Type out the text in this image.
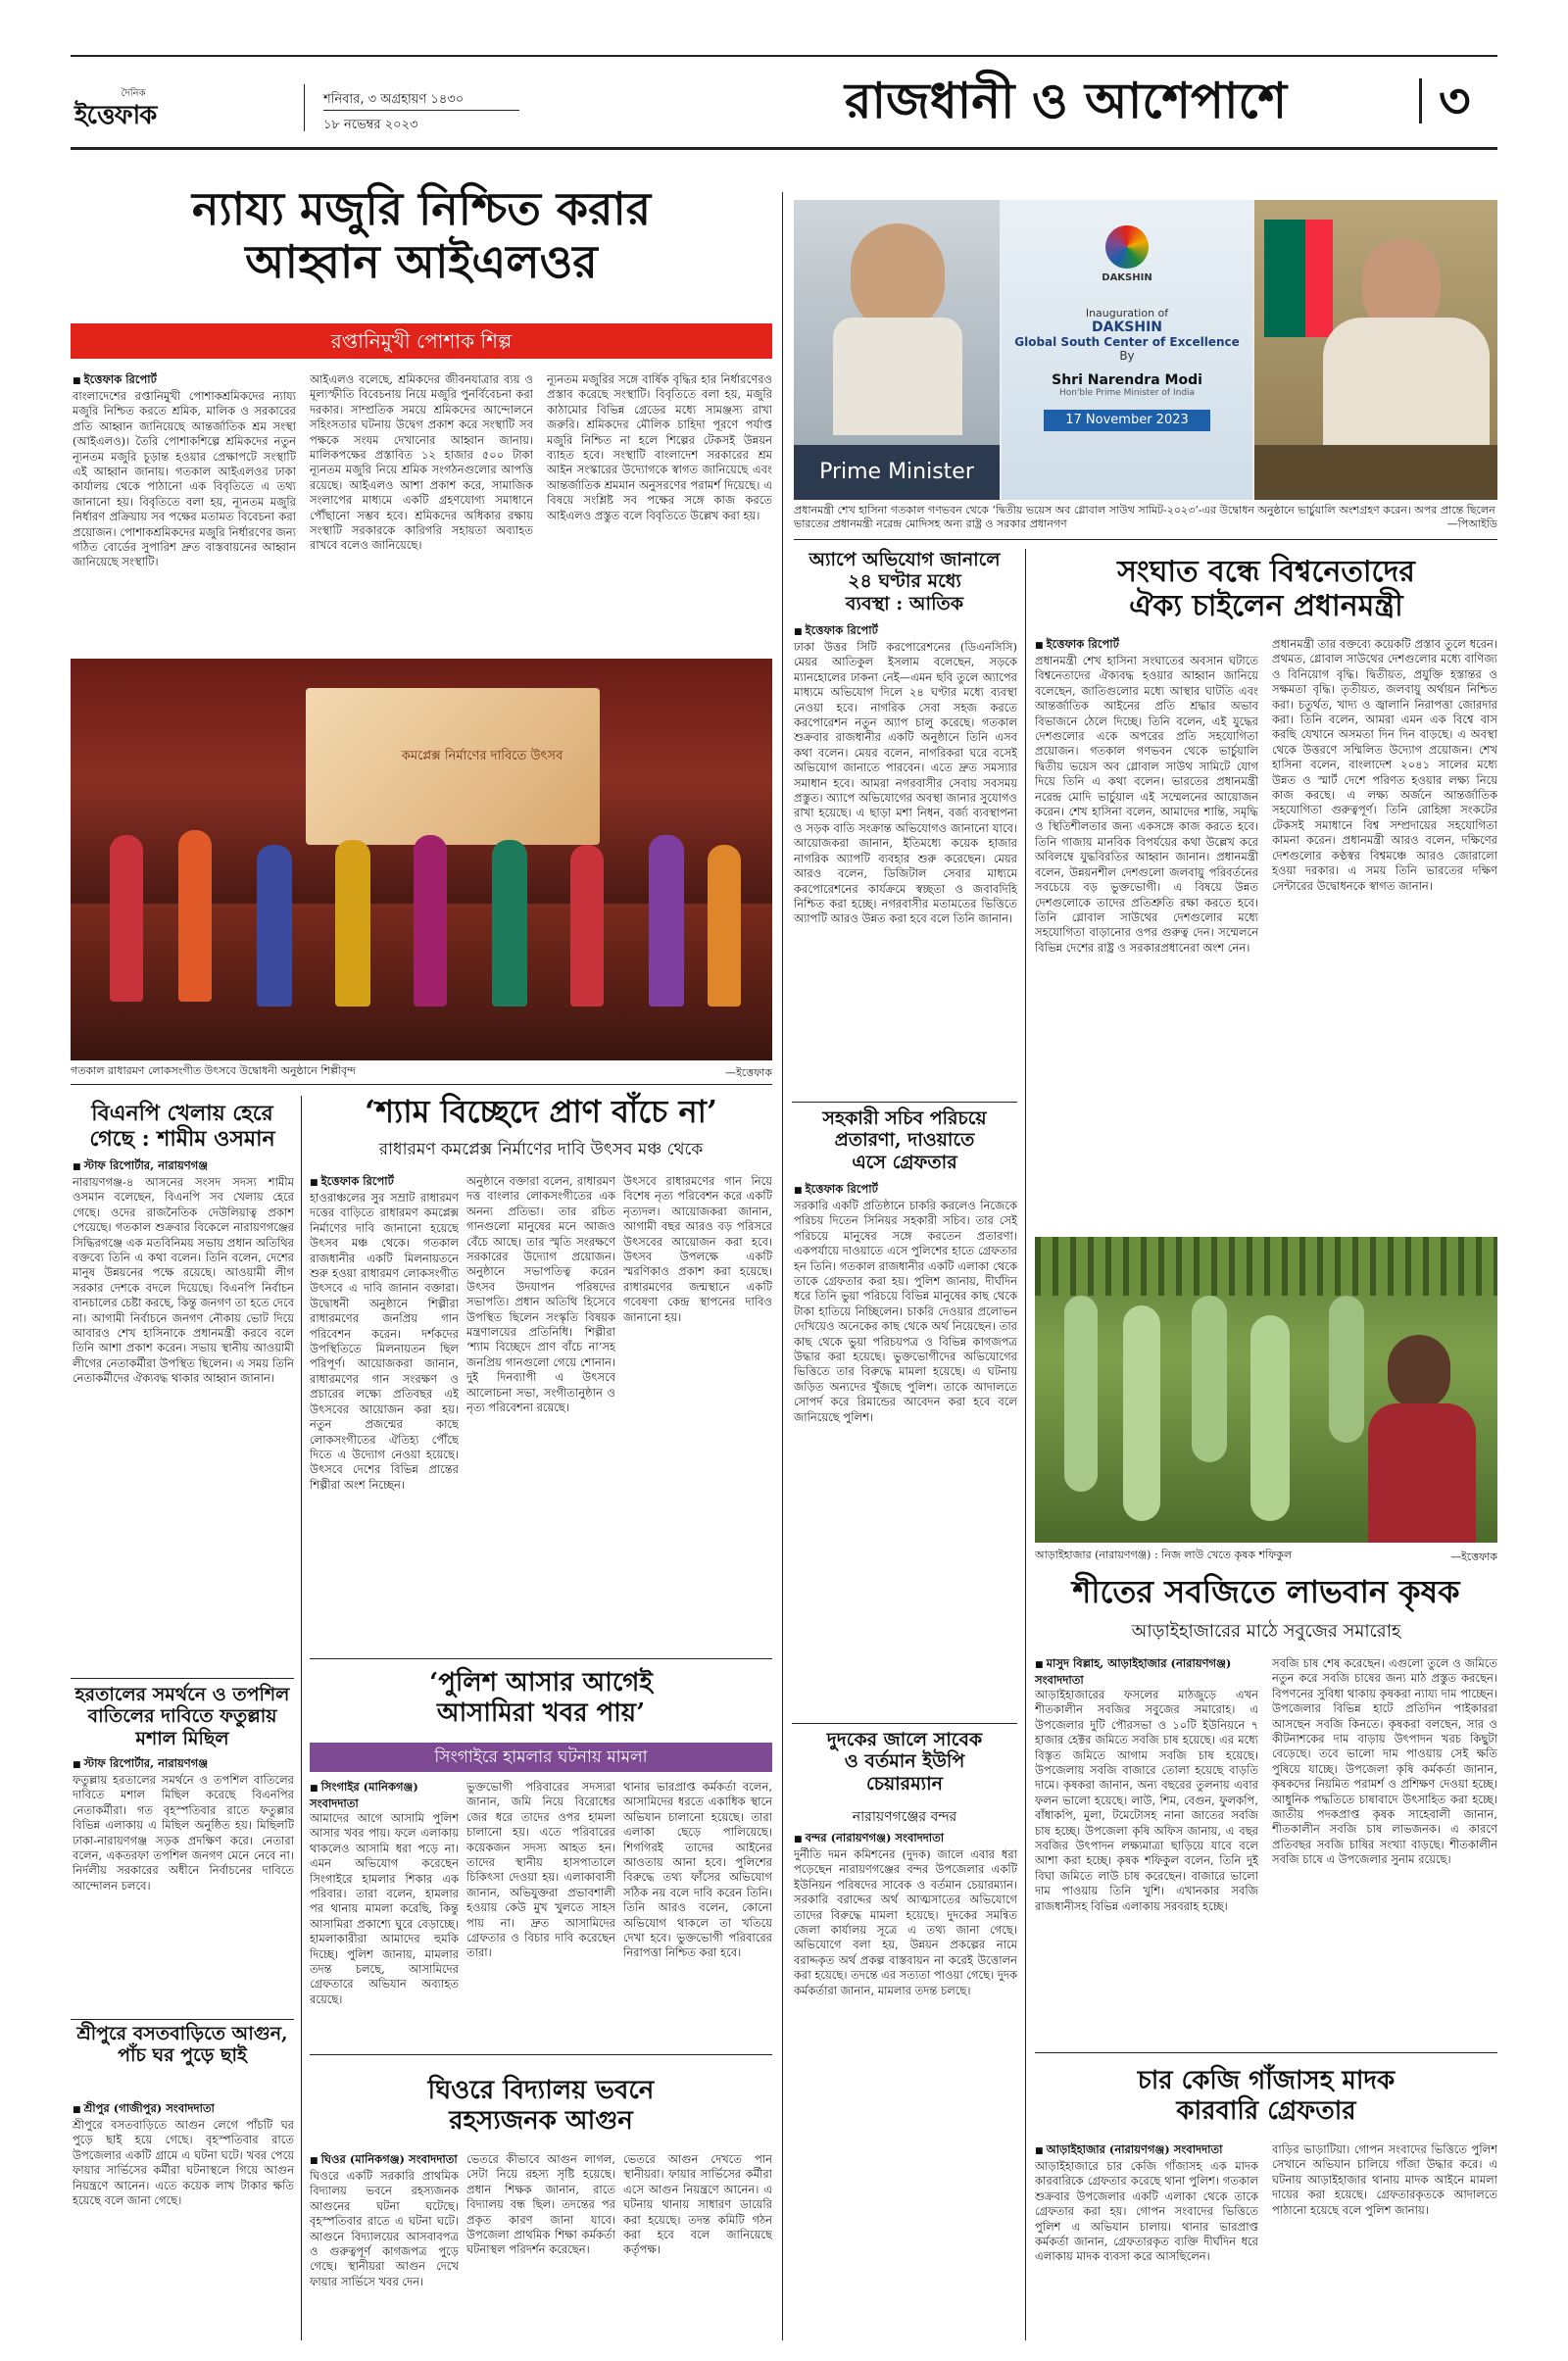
দৈনিক
ইত্তেফাক
শনিবার, ৩ অগ্রহায়ণ ১৪৩০
১৮ নভেম্বর ২০২৩	রাজধানী ও আশেপাশে	৩
ন্যায্য মজুরি নিশ্চিত করার
আহ্বান আইএলওর
রপ্তানিমুখী পোশাক শিল্প
■ ইত্তেফাক রিপোর্ট
বাংলাদেশের রপ্তানিমুখী পোশাকশ্রমিকদের ন্যায্য মজুরি নিশ্চিত করতে শ্রমিক, মালিক ও সরকারের প্রতি আহ্বান জানিয়েছে আন্তর্জাতিক শ্রম সংস্থা (আইএলও)। তৈরি পোশাকশিল্পে শ্রমিকদের নতুন ন্যূনতম মজুরি চূড়ান্ত হওয়ার প্রেক্ষাপটে সংস্থাটি এই আহ্বান জানায়। গতকাল আইএলওর ঢাকা কার্যালয় থেকে পাঠানো এক বিবৃতিতে এ তথ্য জানানো হয়। বিবৃতিতে বলা হয়, ন্যূনতম মজুরি নির্ধারণ প্রক্রিয়ায় সব পক্ষের মতামত বিবেচনা করা প্রয়োজন। পোশাকশ্রমিকদের মজুরি নির্ধারণের জন্য গঠিত বোর্ডের সুপারিশ দ্রুত বাস্তবায়নের আহ্বান জানিয়েছে সংস্থাটি।
আইএলও বলেছে, শ্রমিকদের জীবনযাত্রার ব্যয় ও মূল্যস্ফীতি বিবেচনায় নিয়ে মজুরি পুনর্বিবেচনা করা দরকার। সাম্প্রতিক সময়ে শ্রমিকদের আন্দোলনে সহিংসতার ঘটনায় উদ্বেগ প্রকাশ করে সংস্থাটি সব পক্ষকে সংযম দেখানোর আহ্বান জানায়। মালিকপক্ষের প্রস্তাবিত ১২ হাজার ৫০০ টাকা ন্যূনতম মজুরি নিয়ে শ্রমিক সংগঠনগুলোর আপত্তি রয়েছে। আইএলও আশা প্রকাশ করে, সামাজিক সংলাপের মাধ্যমে একটি গ্রহণযোগ্য সমাধানে পৌঁছানো সম্ভব হবে। শ্রমিকদের অধিকার রক্ষায় সংস্থাটি সরকারকে কারিগরি সহায়তা অব্যাহত রাখবে বলেও জানিয়েছে।
ন্যূনতম মজুরির সঙ্গে বার্ষিক বৃদ্ধির হার নির্ধারণেরও প্রস্তাব করেছে সংস্থাটি। বিবৃতিতে বলা হয়, মজুরি কাঠামোর বিভিন্ন গ্রেডের মধ্যে সামঞ্জস্য রাখা জরুরি। শ্রমিকদের মৌলিক চাহিদা পূরণে পর্যাপ্ত মজুরি নিশ্চিত না হলে শিল্পের টেকসই উন্নয়ন ব্যাহত হবে। সংস্থাটি বাংলাদেশ সরকারের শ্রম আইন সংস্কারের উদ্যোগকে স্বাগত জানিয়েছে এবং আন্তর্জাতিক শ্রমমান অনুসরণের পরামর্শ দিয়েছে। এ বিষয়ে সংশ্লিষ্ট সব পক্ষের সঙ্গে কাজ করতে আইএলও প্রস্তুত বলে বিবৃতিতে উল্লেখ করা হয়।
কমপ্লেক্স নির্মাণের দাবিতে উৎসব
গতকাল রাধারমণ লোকসংগীত উৎসবে উদ্বোধনী অনুষ্ঠানে শিল্পীবৃন্দ	—ইত্তেফাক
বিএনপি খেলায় হেরে গেছে : শামীম ওসমান
■ স্টাফ রিপোর্টার, নারায়ণগঞ্জ
নারায়ণগঞ্জ-৪ আসনের সংসদ সদস্য শামীম ওসমান বলেছেন, বিএনপি সব খেলায় হেরে গেছে। ওদের রাজনৈতিক দেউলিয়াত্ব প্রকাশ পেয়েছে। গতকাল শুক্রবার বিকেলে নারায়ণগঞ্জের সিদ্ধিরগঞ্জে এক মতবিনিময় সভায় প্রধান অতিথির বক্তব্যে তিনি এ কথা বলেন। তিনি বলেন, দেশের মানুষ উন্নয়নের পক্ষে রয়েছে। আওয়ামী লীগ সরকার দেশকে বদলে দিয়েছে। বিএনপি নির্বাচন বানচালের চেষ্টা করছে, কিন্তু জনগণ তা হতে দেবে না। আগামী নির্বাচনে জনগণ নৌকায় ভোট দিয়ে আবারও শেখ হাসিনাকে প্রধানমন্ত্রী করবে বলে তিনি আশা প্রকাশ করেন। সভায় স্থানীয় আওয়ামী লীগের নেতাকর্মীরা উপস্থিত ছিলেন। এ সময় তিনি নেতাকর্মীদের ঐক্যবদ্ধ থাকার আহ্বান জানান।
হরতালের সমর্থনে ও তপশিল বাতিলের দাবিতে ফতুল্লায় মশাল মিছিল
■ স্টাফ রিপোর্টার, নারায়ণগঞ্জ
ফতুল্লায় হরতালের সমর্থনে ও তপশিল বাতিলের দাবিতে মশাল মিছিল করেছে বিএনপির নেতাকর্মীরা। গত বৃহস্পতিবার রাতে ফতুল্লার বিভিন্ন এলাকায় এ মিছিল অনুষ্ঠিত হয়। মিছিলটি ঢাকা-নারায়ণগঞ্জ সড়ক প্রদক্ষিণ করে। নেতারা বলেন, একতরফা তপশিল জনগণ মেনে নেবে না। নির্দলীয় সরকারের অধীনে নির্বাচনের দাবিতে আন্দোলন চলবে।
শ্রীপুরে বসতবাড়িতে আগুন, পাঁচ ঘর পুড়ে ছাই
■ শ্রীপুর (গাজীপুর) সংবাদদাতা
শ্রীপুরে বসতবাড়িতে আগুন লেগে পাঁচটি ঘর পুড়ে ছাই হয়ে গেছে। বৃহস্পতিবার রাতে উপজেলার একটি গ্রামে এ ঘটনা ঘটে। খবর পেয়ে ফায়ার সার্ভিসের কর্মীরা ঘটনাস্থলে গিয়ে আগুন নিয়ন্ত্রণে আনেন। এতে কয়েক লাখ টাকার ক্ষতি হয়েছে বলে জানা গেছে।
‘শ্যাম বিচ্ছেদে প্রাণ বাঁচে না’
রাধারমণ কমপ্লেক্স নির্মাণের দাবি উৎসব মঞ্চ থেকে
■ ইত্তেফাক রিপোর্ট
হাওরাঞ্চলের সুর সম্রাট রাধারমণ দত্তের বাড়িতে রাধারমণ কমপ্লেক্স নির্মাণের দাবি জানানো হয়েছে উৎসব মঞ্চ থেকে। গতকাল রাজধানীর একটি মিলনায়তনে শুরু হওয়া রাধারমণ লোকসংগীত উৎসবে এ দাবি জানান বক্তারা। উদ্বোধনী অনুষ্ঠানে শিল্পীরা রাধারমণের জনপ্রিয় গান পরিবেশন করেন। দর্শকদের উপস্থিতিতে মিলনায়তন ছিল পরিপূর্ণ। আয়োজকরা জানান, রাধারমণের গান সংরক্ষণ ও প্রচারের লক্ষ্যে প্রতিবছর এই উৎসবের আয়োজন করা হয়। নতুন প্রজন্মের কাছে লোকসংগীতের ঐতিহ্য পৌঁছে দিতে এ উদ্যোগ নেওয়া হয়েছে। উৎসবে দেশের বিভিন্ন প্রান্তের শিল্পীরা অংশ নিচ্ছেন।
অনুষ্ঠানে বক্তারা বলেন, রাধারমণ দত্ত বাংলার লোকসংগীতের এক অনন্য প্রতিভা। তার রচিত গানগুলো মানুষের মনে আজও বেঁচে আছে। তার স্মৃতি সংরক্ষণে সরকারের উদ্যোগ প্রয়োজন। অনুষ্ঠানে সভাপতিত্ব করেন উৎসব উদযাপন পরিষদের সভাপতি। প্রধান অতিথি হিসেবে উপস্থিত ছিলেন সংস্কৃতি বিষয়ক মন্ত্রণালয়ের প্রতিনিধি। শিল্পীরা ‘শ্যাম বিচ্ছেদে প্রাণ বাঁচে না’সহ জনপ্রিয় গানগুলো গেয়ে শোনান। দুই দিনব্যাপী এ উৎসবে আলোচনা সভা, সংগীতানুষ্ঠান ও নৃত্য পরিবেশনা রয়েছে।
উৎসবে রাধারমণের গান নিয়ে বিশেষ নৃত্য পরিবেশন করে একটি নৃত্যদল। আয়োজকরা জানান, আগামী বছর আরও বড় পরিসরে উৎসবের আয়োজন করা হবে। উৎসব উপলক্ষে একটি স্মরণিকাও প্রকাশ করা হয়েছে। রাধারমণের জন্মস্থানে একটি গবেষণা কেন্দ্র স্থাপনের দাবিও জানানো হয়।
‘পুলিশ আসার আগেই
আসামিরা খবর পায়’
সিংগাইরে হামলার ঘটনায় মামলা
■ সিংগাইর (মানিকগঞ্জ) সংবাদদাতা
আমাদের আগে আসামি পুলিশ আসার খবর পায়। ফলে এলাকায় থাকলেও আসামি ধরা পড়ে না। এমন অভিযোগ করেছেন সিংগাইরে হামলার শিকার এক পরিবার। তারা বলেন, হামলার পর থানায় মামলা করেছি, কিন্তু আসামিরা প্রকাশ্যে ঘুরে বেড়াচ্ছে। হামলাকারীরা আমাদের হুমকি দিচ্ছে। পুলিশ জানায়, মামলার তদন্ত চলছে, আসামিদের গ্রেফতারে অভিযান অব্যাহত রয়েছে।
ভুক্তভোগী পরিবারের সদস্যরা জানান, জমি নিয়ে বিরোধের জের ধরে তাদের ওপর হামলা চালানো হয়। এতে পরিবারের কয়েকজন সদস্য আহত হন। তাদের স্থানীয় হাসপাতালে চিকিৎসা দেওয়া হয়। এলাকাবাসী জানান, অভিযুক্তরা প্রভাবশালী হওয়ায় কেউ মুখ খুলতে সাহস পায় না। দ্রুত আসামিদের গ্রেফতার ও বিচার দাবি করেছেন তারা।
থানার ভারপ্রাপ্ত কর্মকর্তা বলেন, আসামিদের ধরতে একাধিক স্থানে অভিযান চালানো হয়েছে। তারা এলাকা ছেড়ে পালিয়েছে। শিগগিরই তাদের আইনের আওতায় আনা হবে। পুলিশের বিরুদ্ধে তথ্য ফাঁসের অভিযোগ সঠিক নয় বলে দাবি করেন তিনি। তিনি আরও বলেন, কোনো অভিযোগ থাকলে তা খতিয়ে দেখা হবে। ভুক্তভোগী পরিবারের নিরাপত্তা নিশ্চিত করা হবে।
ঘিওরে বিদ্যালয় ভবনে
রহস্যজনক আগুন
■ ঘিওর (মানিকগঞ্জ) সংবাদদাতা
ঘিওরে একটি সরকারি প্রাথমিক বিদ্যালয় ভবনে রহস্যজনক আগুনের ঘটনা ঘটেছে। বৃহস্পতিবার রাতে এ ঘটনা ঘটে। আগুনে বিদ্যালয়ের আসবাবপত্র ও গুরুত্বপূর্ণ কাগজপত্র পুড়ে গেছে। স্থানীয়রা আগুন দেখে ফায়ার সার্ভিসে খবর দেন।
ভেতরে কীভাবে আগুন লাগল, সেটা নিয়ে রহস্য সৃষ্টি হয়েছে। প্রধান শিক্ষক জানান, রাতে বিদ্যালয় বন্ধ ছিল। তদন্তের পর প্রকৃত কারণ জানা যাবে। উপজেলা প্রাথমিক শিক্ষা কর্মকর্তা ঘটনাস্থল পরিদর্শন করেছেন।
ভেতরে আগুন দেখতে পান স্থানীয়রা। ফায়ার সার্ভিসের কর্মীরা এসে আগুন নিয়ন্ত্রণে আনেন। এ ঘটনায় থানায় সাধারণ ডায়েরি করা হয়েছে। তদন্ত কমিটি গঠন করা হবে বলে জানিয়েছে কর্তৃপক্ষ।
Prime Minister
DAKSHIN
Inauguration of
DAKSHIN
Global South Center of Excellence
By
Shri Narendra Modi
Hon'ble Prime Minister of India
17 November 2023
প্রধানমন্ত্রী শেখ হাসিনা গতকাল গণভবন থেকে ‘দ্বিতীয় ভয়েস অব গ্লোবাল সাউথ সামিট-২০২৩’-এর উদ্বোধন অনুষ্ঠানে ভার্চুয়ালি অংশগ্রহণ করেন। অপর প্রান্তে ছিলেন ভারতের প্রধানমন্ত্রী নরেন্দ্র মোদিসহ অন্য রাষ্ট্র ও সরকার প্রধানগণ	—পিআইডি
অ্যাপে অভিযোগ জানালে
২৪ ঘণ্টার মধ্যে
ব্যবস্থা : আতিক
■ ইত্তেফাক রিপোর্ট
ঢাকা উত্তর সিটি করপোরেশনের (ডিএনসিসি) মেয়র আতিকুল ইসলাম বলেছেন, সড়কে ম্যানহোলের ঢাকনা নেই—এমন ছবি তুলে অ্যাপের মাধ্যমে অভিযোগ দিলে ২৪ ঘণ্টার মধ্যে ব্যবস্থা নেওয়া হবে। নাগরিক সেবা সহজ করতে করপোরেশন নতুন অ্যাপ চালু করেছে। গতকাল শুক্রবার রাজধানীর একটি অনুষ্ঠানে তিনি এসব কথা বলেন। মেয়র বলেন, নাগরিকরা ঘরে বসেই অভিযোগ জানাতে পারবেন। এতে দ্রুত সমস্যার সমাধান হবে। আমরা নগরবাসীর সেবায় সবসময় প্রস্তুত। অ্যাপে অভিযোগের অবস্থা জানার সুযোগও রাখা হয়েছে। এ ছাড়া মশা নিধন, বর্জ্য ব্যবস্থাপনা ও সড়ক বাতি সংক্রান্ত অভিযোগও জানানো যাবে। আয়োজকরা জানান, ইতিমধ্যে কয়েক হাজার নাগরিক অ্যাপটি ব্যবহার শুরু করেছেন। মেয়র আরও বলেন, ডিজিটাল সেবার মাধ্যমে করপোরেশনের কার্যক্রমে স্বচ্ছতা ও জবাবদিহি নিশ্চিত করা হচ্ছে। নগরবাসীর মতামতের ভিত্তিতে অ্যাপটি আরও উন্নত করা হবে বলে তিনি জানান।
সহকারী সচিব পরিচয়ে
প্রতারণা, দাওয়াতে
এসে গ্রেফতার
■ ইত্তেফাক রিপোর্ট
সরকারি একটি প্রতিষ্ঠানে চাকরি করলেও নিজেকে পরিচয় দিতেন সিনিয়র সহকারী সচিব। তার সেই পরিচয়ে মানুষের সঙ্গে করতেন প্রতারণা। একপর্যায়ে দাওয়াতে এসে পুলিশের হাতে গ্রেফতার হন তিনি। গতকাল রাজধানীর একটি এলাকা থেকে তাকে গ্রেফতার করা হয়। পুলিশ জানায়, দীর্ঘদিন ধরে তিনি ভুয়া পরিচয়ে বিভিন্ন মানুষের কাছ থেকে টাকা হাতিয়ে নিচ্ছিলেন। চাকরি দেওয়ার প্রলোভন দেখিয়েও অনেকের কাছ থেকে অর্থ নিয়েছেন। তার কাছ থেকে ভুয়া পরিচয়পত্র ও বিভিন্ন কাগজপত্র উদ্ধার করা হয়েছে। ভুক্তভোগীদের অভিযোগের ভিত্তিতে তার বিরুদ্ধে মামলা হয়েছে। এ ঘটনায় জড়িত অন্যদের খুঁজছে পুলিশ। তাকে আদালতে সোপর্দ করে রিমান্ডের আবেদন করা হবে বলে জানিয়েছে পুলিশ।
দুদকের জালে সাবেক
ও বর্তমান ইউপি
চেয়ারম্যান
নারায়ণগঞ্জের বন্দর
■ বন্দর (নারায়ণগঞ্জ) সংবাদদাতা
দুর্নীতি দমন কমিশনের (দুদক) জালে এবার ধরা পড়েছেন নারায়ণগঞ্জের বন্দর উপজেলার একটি ইউনিয়ন পরিষদের সাবেক ও বর্তমান চেয়ারম্যান। সরকারি বরাদ্দের অর্থ আত্মসাতের অভিযোগে তাদের বিরুদ্ধে মামলা হয়েছে। দুদকের সমন্বিত জেলা কার্যালয় সূত্রে এ তথ্য জানা গেছে। অভিযোগে বলা হয়, উন্নয়ন প্রকল্পের নামে বরাদ্দকৃত অর্থ প্রকল্প বাস্তবায়ন না করেই উত্তোলন করা হয়েছে। তদন্তে এর সত্যতা পাওয়া গেছে। দুদক কর্মকর্তারা জানান, মামলার তদন্ত চলছে।
সংঘাত বন্ধে বিশ্বনেতাদের
ঐক্য চাইলেন প্রধানমন্ত্রী
■ ইত্তেফাক রিপোর্ট
প্রধানমন্ত্রী শেখ হাসিনা সংঘাতের অবসান ঘটাতে বিশ্বনেতাদের ঐক্যবদ্ধ হওয়ার আহ্বান জানিয়ে বলেছেন, জাতিগুলোর মধ্যে আস্থার ঘাটতি এবং আন্তর্জাতিক আইনের প্রতি শ্রদ্ধার অভাব বিভাজনে ঠেলে দিচ্ছে। তিনি বলেন, এই যুদ্ধের দেশগুলোর একে অপরের প্রতি সহযোগিতা প্রয়োজন। গতকাল গণভবন থেকে ভার্চুয়ালি দ্বিতীয় ভয়েস অব গ্লোবাল সাউথ সামিটে যোগ দিয়ে তিনি এ কথা বলেন। ভারতের প্রধানমন্ত্রী নরেন্দ্র মোদি ভার্চুয়াল এই সম্মেলনের আয়োজন করেন। শেখ হাসিনা বলেন, আমাদের শান্তি, সমৃদ্ধি ও স্থিতিশীলতার জন্য একসঙ্গে কাজ করতে হবে। তিনি গাজায় মানবিক বিপর্যয়ের কথা উল্লেখ করে অবিলম্বে যুদ্ধবিরতির আহ্বান জানান। প্রধানমন্ত্রী বলেন, উন্নয়নশীল দেশগুলো জলবায়ু পরিবর্তনের সবচেয়ে বড় ভুক্তভোগী। এ বিষয়ে উন্নত দেশগুলোকে তাদের প্রতিশ্রুতি রক্ষা করতে হবে। তিনি গ্লোবাল সাউথের দেশগুলোর মধ্যে সহযোগিতা বাড়ানোর ওপর গুরুত্ব দেন। সম্মেলনে বিভিন্ন দেশের রাষ্ট্র ও সরকারপ্রধানেরা অংশ নেন।
প্রধানমন্ত্রী তার বক্তব্যে কয়েকটি প্রস্তাব তুলে ধরেন। প্রথমত, গ্লোবাল সাউথের দেশগুলোর মধ্যে বাণিজ্য ও বিনিয়োগ বৃদ্ধি। দ্বিতীয়ত, প্রযুক্তি হস্তান্তর ও সক্ষমতা বৃদ্ধি। তৃতীয়ত, জলবায়ু অর্থায়ন নিশ্চিত করা। চতুর্থত, খাদ্য ও জ্বালানি নিরাপত্তা জোরদার করা। তিনি বলেন, আমরা এমন এক বিশ্বে বাস করছি যেখানে অসমতা দিন দিন বাড়ছে। এ অবস্থা থেকে উত্তরণে সম্মিলিত উদ্যোগ প্রয়োজন। শেখ হাসিনা বলেন, বাংলাদেশ ২০৪১ সালের মধ্যে উন্নত ও স্মার্ট দেশে পরিণত হওয়ার লক্ষ্য নিয়ে কাজ করছে। এ লক্ষ্য অর্জনে আন্তর্জাতিক সহযোগিতা গুরুত্বপূর্ণ। তিনি রোহিঙ্গা সংকটের টেকসই সমাধানে বিশ্ব সম্প্রদায়ের সহযোগিতা কামনা করেন। প্রধানমন্ত্রী আরও বলেন, দক্ষিণের দেশগুলোর কণ্ঠস্বর বিশ্বমঞ্চে আরও জোরালো হওয়া দরকার। এ সময় তিনি ভারতের দক্ষিণ সেন্টারের উদ্বোধনকে স্বাগত জানান।
আড়াইহাজার (নারায়ণগঞ্জ) : নিজ লাউ খেতে কৃষক শফিকুল	—ইত্তেফাক
শীতের সবজিতে লাভবান কৃষক
আড়াইহাজারের মাঠে সবুজের সমারোহ
■ মাসুদ বিল্লাহ, আড়াইহাজার (নারায়ণগঞ্জ) সংবাদদাতা
আড়াইহাজারের ফসলের মাঠজুড়ে এখন শীতকালীন সবজির সবুজের সমারোহ। এ উপজেলার দুটি পৌরসভা ও ১০টি ইউনিয়নে ৭ হাজার হেক্টর জমিতে সবজি চাষ হয়েছে। এর মধ্যে বিস্তৃত জমিতে আগাম সবজি চাষ হয়েছে। উপজেলায় সবজি বাজারে তোলা হয়েছে বাড়তি দামে। কৃষকরা জানান, অন্য বছরের তুলনায় এবার ফলন ভালো হয়েছে। লাউ, শিম, বেগুন, ফুলকপি, বাঁধাকপি, মুলা, টমেটোসহ নানা জাতের সবজি চাষ হচ্ছে। উপজেলা কৃষি অফিস জানায়, এ বছর সবজির উৎপাদন লক্ষ্যমাত্রা ছাড়িয়ে যাবে বলে আশা করা হচ্ছে। কৃষক শফিকুল বলেন, তিনি দুই বিঘা জমিতে লাউ চাষ করেছেন। বাজারে ভালো দাম পাওয়ায় তিনি খুশি। এখানকার সবজি রাজধানীসহ বিভিন্ন এলাকায় সরবরাহ হচ্ছে।
সবজি চাষ শেষ করেছেন। এগুলো তুলে ও জমিতে নতুন করে সবজি চাষের জন্য মাঠ প্রস্তুত করছেন। বিপণনের সুবিধা থাকায় কৃষকরা ন্যায্য দাম পাচ্ছেন। উপজেলার বিভিন্ন হাটে প্রতিদিন পাইকাররা আসছেন সবজি কিনতে। কৃষকরা বলছেন, সার ও কীটনাশকের দাম বাড়ায় উৎপাদন খরচ কিছুটা বেড়েছে। তবে ভালো দাম পাওয়ায় সেই ক্ষতি পুষিয়ে যাচ্ছে। উপজেলা কৃষি কর্মকর্তা জানান, কৃষকদের নিয়মিত পরামর্শ ও প্রশিক্ষণ দেওয়া হচ্ছে। আধুনিক পদ্ধতিতে চাষাবাদে উৎসাহিত করা হচ্ছে। জাতীয় পদকপ্রাপ্ত কৃষক সাহেবালী জানান, শীতকালীন সবজি চাষ লাভজনক। এ কারণে প্রতিবছর সবজি চাষির সংখ্যা বাড়ছে। শীতকালীন সবজি চাষে এ উপজেলার সুনাম রয়েছে।
চার কেজি গাঁজাসহ মাদক
কারবারি গ্রেফতার
■ আড়াইহাজার (নারায়ণগঞ্জ) সংবাদদাতা
আড়াইহাজারে চার কেজি গাঁজাসহ এক মাদক কারবারিকে গ্রেফতার করেছে থানা পুলিশ। গতকাল শুক্রবার উপজেলার একটি এলাকা থেকে তাকে গ্রেফতার করা হয়। গোপন সংবাদের ভিত্তিতে পুলিশ এ অভিযান চালায়। থানার ভারপ্রাপ্ত কর্মকর্তা জানান, গ্রেফতারকৃত ব্যক্তি দীর্ঘদিন ধরে এলাকায় মাদক ব্যবসা করে আসছিলেন।
বাড়ির ভাড়াটিয়া। গোপন সংবাদের ভিত্তিতে পুলিশ সেখানে অভিযান চালিয়ে গাঁজা উদ্ধার করে। এ ঘটনায় আড়াইহাজার থানায় মাদক আইনে মামলা দায়ের করা হয়েছে। গ্রেফতারকৃতকে আদালতে পাঠানো হয়েছে বলে পুলিশ জানায়।
